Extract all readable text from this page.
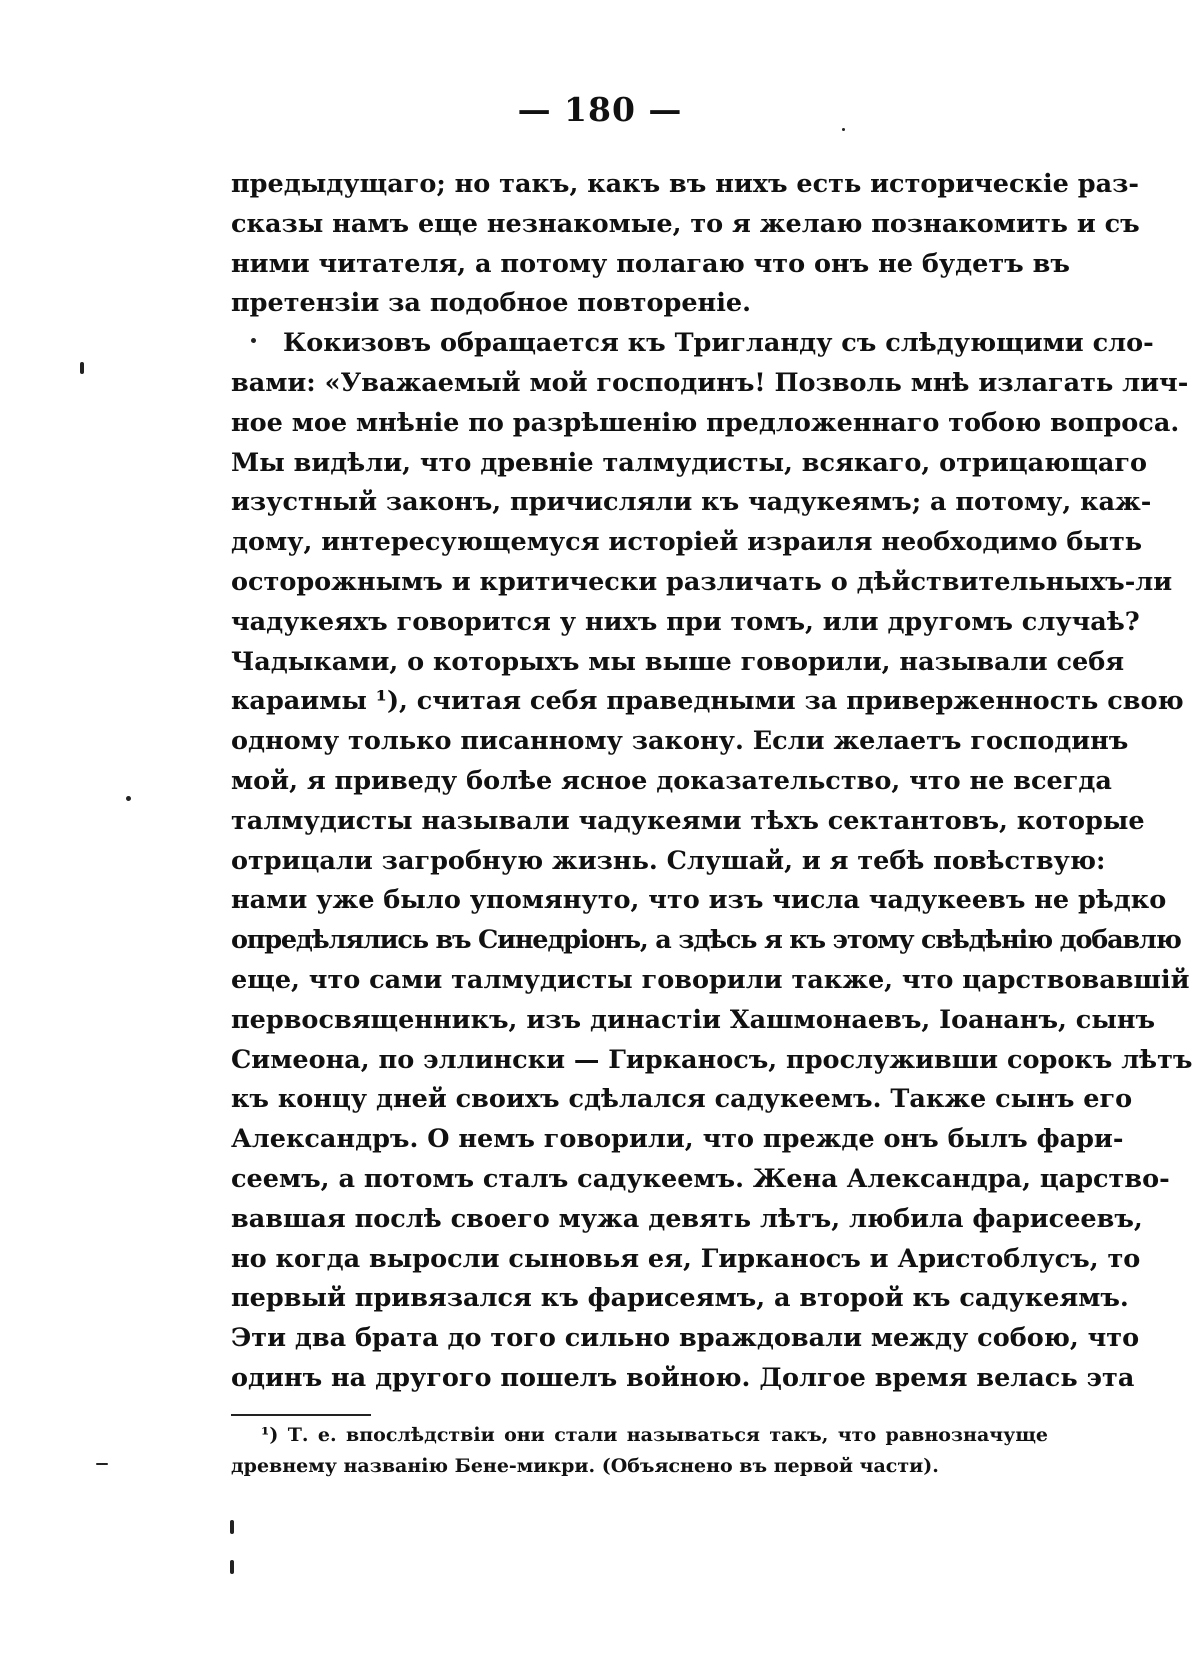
— 180 —
предыдущаго; но такъ, какъ въ нихъ есть историческіе раз-
сказы намъ еще незнакомые, то я желаю познакомить и съ
ними читателя, а потому полагаю что онъ не будетъ въ
претензіи за подобное повтореніе.
Кокизовъ обращается къ Тригланду съ слѣдующими сло-
вами: «Уважаемый мой господинъ! Позволь мнѣ излагать лич-
ное мое мнѣніе по разрѣшенію предложеннаго тобою вопроса.
Мы видѣли, что древніе талмудисты, всякаго, отрицающаго
изустный законъ, причисляли къ чадукеямъ; а потому, каж-
дому, интересующемуся исторіей израиля необходимо быть
осторожнымъ и критически различать о дѣйствительныхъ-ли
чадукеяхъ говорится у нихъ при томъ, или другомъ случаѣ?
Чадыками, о которыхъ мы выше говорили, называли себя
караимы ¹), считая себя праведными за приверженность свою
одному только писанному закону. Если желаетъ господинъ
мой, я приведу болѣе ясное доказательство, что не всегда
талмудисты называли чадукеями тѣхъ сектантовъ, которые
отрицали загробную жизнь. Слушай, и я тебѣ повѣствую:
нами уже было упомянуто, что изъ числа чадукеевъ не рѣдко
опредѣлялись въ Синедріонъ, а здѣсь я къ этому свѣдѣнію добавлю
еще, что сами талмудисты говорили также, что царствовавшій
первосвященникъ, изъ династіи Хашмонаевъ, Іоананъ, сынъ
Симеона, по эллински — Гирканосъ, прослуживши сорокъ лѣтъ
къ концу дней своихъ сдѣлался садукеемъ. Также сынъ его
Александръ. О немъ говорили, что прежде онъ былъ фари-
сеемъ, а потомъ сталъ садукеемъ. Жена Александра, царство-
вавшая послѣ своего мужа девять лѣтъ, любила фарисеевъ,
но когда выросли сыновья ея, Гирканосъ и Аристоблусъ, то
первый привязался къ фарисеямъ, а второй къ садукеямъ.
Эти два брата до того сильно враждовали между собою, что
одинъ на другого пошелъ войною. Долгое время велась эта
¹) Т. е. впослѣдствіи они стали называться такъ, что равнозначуще
древнему названію Бене-микри. (Объяснено въ первой части).
